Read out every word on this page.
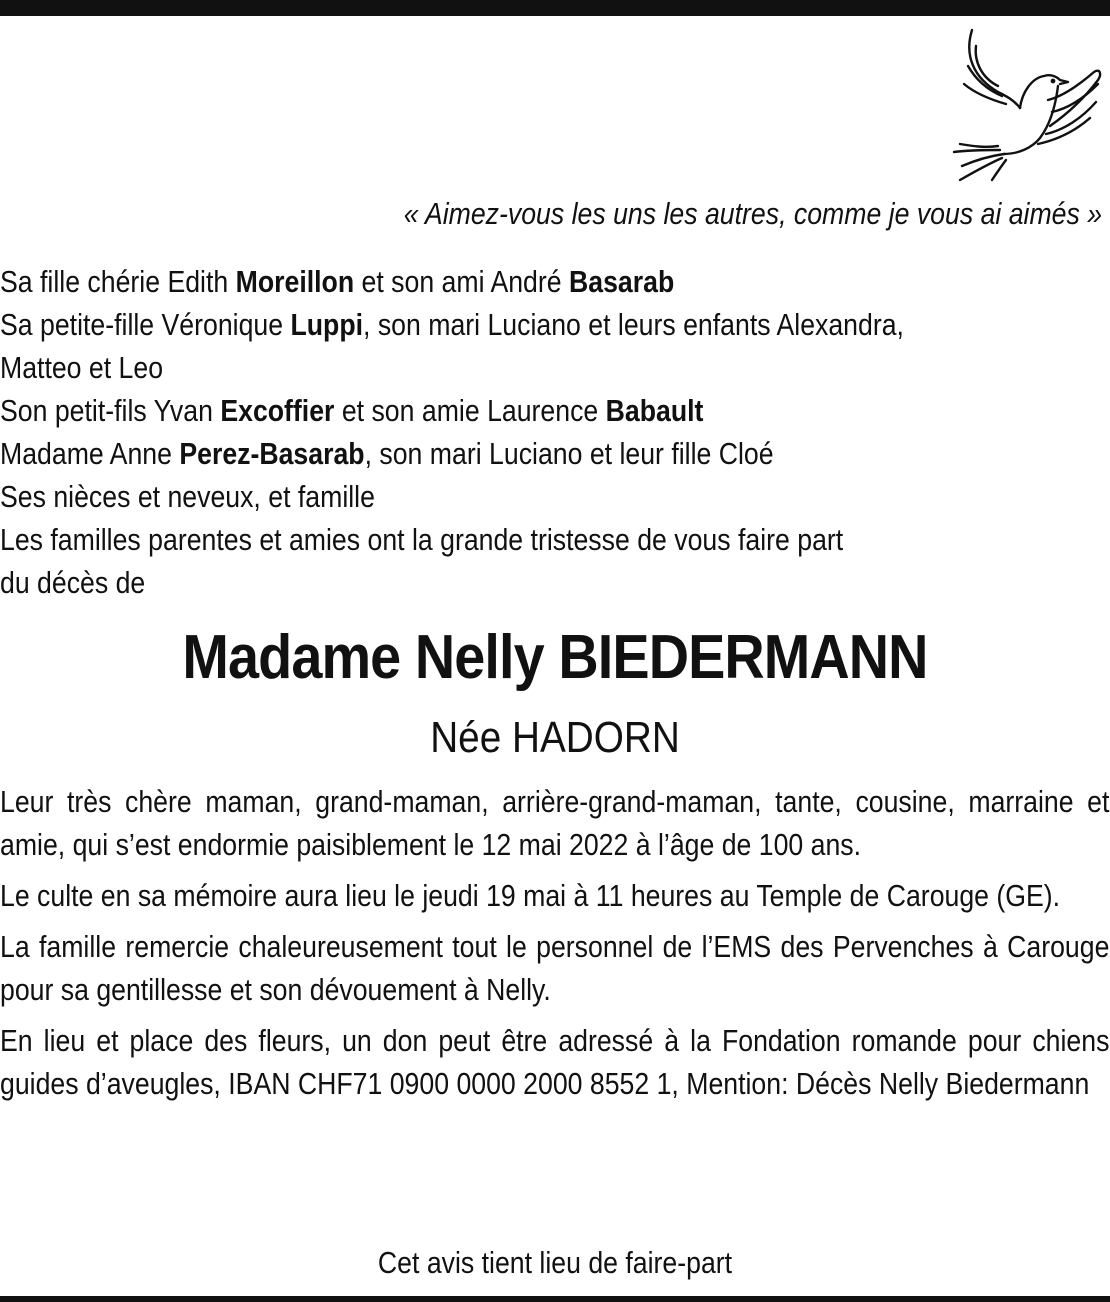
« Aimez-vous les uns les autres, comme je vous ai aimés »
Sa fille chérie Edith Moreillon et son ami André Basarab
Sa petite-fille Véronique Luppi, son mari Luciano et leurs enfants Alexandra,
Matteo et Leo
Son petit-fils Yvan Excoffier et son amie Laurence Babault
Madame Anne Perez-Basarab, son mari Luciano et leur fille Cloé
Ses nièces et neveux, et famille
Les familles parentes et amies ont la grande tristesse de vous faire part
du décès de
Madame Nelly BIEDERMANN
Née HADORN

Leur très chère maman, grand-maman, arrière-grand-maman, tante, cousine, marraine et amie, qui s’est endormie paisiblement le 12 mai 2022 à l’âge de 100 ans.

Le culte en sa mémoire aura lieu le jeudi 19 mai à 11 heures au Temple de Carouge (GE).

La famille remercie chaleureusement tout le personnel de l’EMS des Pervenches à Carouge pour sa gentillesse et son dévouement à Nelly.

En lieu et place des fleurs, un don peut être adressé à la Fondation romande pour chiens guides d’aveugles, IBAN CHF71 0900 0000 2000 8552 1, Mention: Décès Nelly Biedermann

Cet avis tient lieu de faire-part
